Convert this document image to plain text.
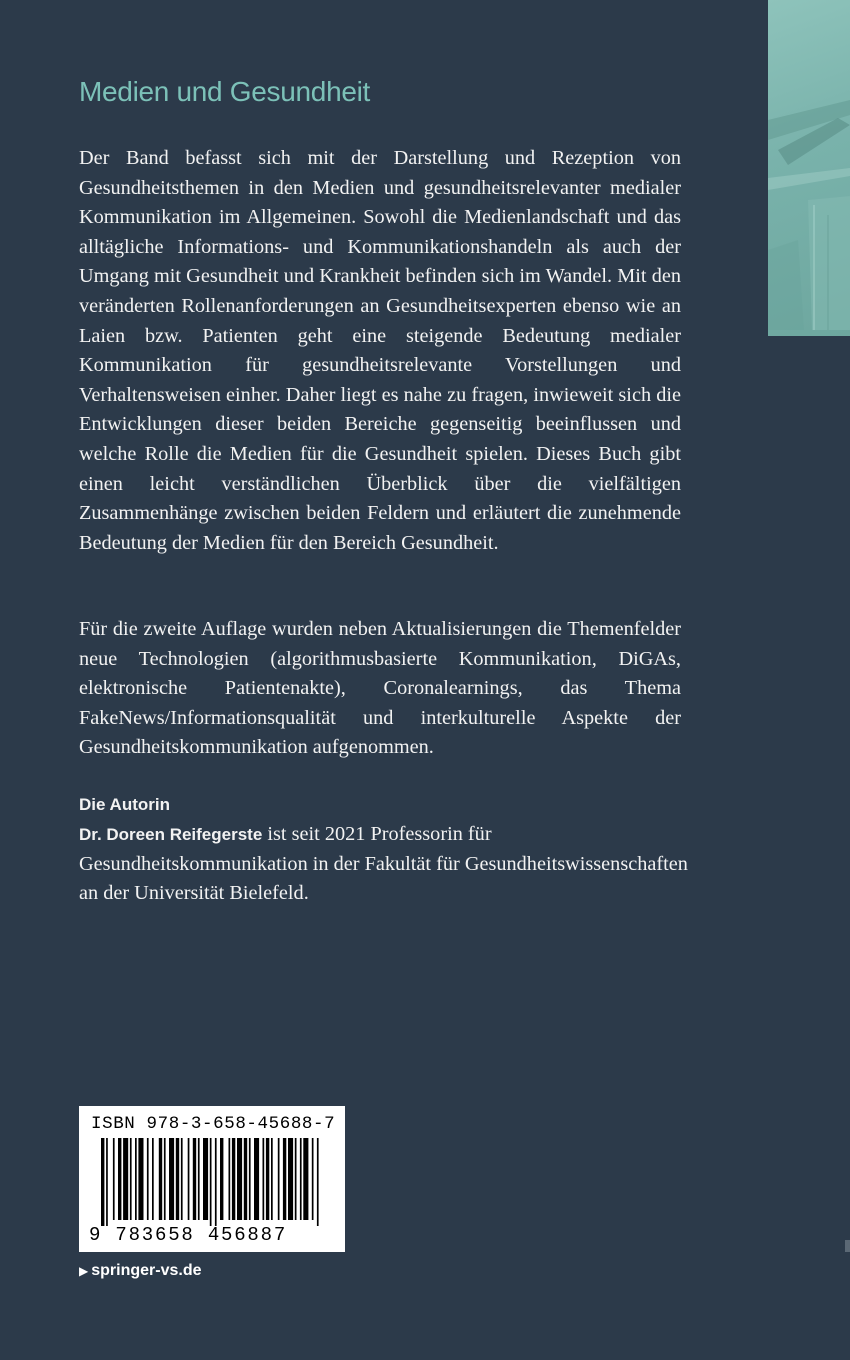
Medien und Gesundheit

Der Band befasst sich mit der Darstellung und Rezeption von Gesundheitsthemen in den Medien und gesundheitsrelevanter medialer Kommunikation im Allgemeinen. Sowohl die Medienlandschaft und das alltägliche Informations- und Kommunikationshandeln als auch der Umgang mit Gesundheit und Krankheit befinden sich im Wandel. Mit den veränderten Rollenanforderungen an Gesundheitsexperten ebenso wie an Laien bzw. Patienten geht eine steigende Bedeutung medialer Kommunikation für gesundheitsrelevante Vorstellungen und Verhaltensweisen einher. Daher liegt es nahe zu fragen, inwieweit sich die Entwicklungen dieser beiden Bereiche gegenseitig beeinflussen und welche Rolle die Medien für die Gesundheit spielen. Dieses Buch gibt einen leicht verständlichen Überblick über die vielfältigen Zusammenhänge zwischen beiden Feldern und erläutert die zunehmende Bedeutung der Medien für den Bereich Gesundheit.

Für die zweite Auflage wurden neben Aktualisierungen die Themenfelder neue Technologien (algorithmusbasierte Kommunikation, DiGAs, elektronische Patientenakte), Coronalearnings, das Thema FakeNews/Informationsqualität und interkulturelle Aspekte der Gesundheitskommunikation aufgenommen.

Die Autorin

Dr. Doreen Reifegerste ist seit 2021 Professorin für Gesundheitskommunikation in der Fakultät für Gesundheitswissenschaften an der Universität Bielefeld.

ISBN 978-3-658-45688-7

9 783658 456887

▶ springer-vs.de
